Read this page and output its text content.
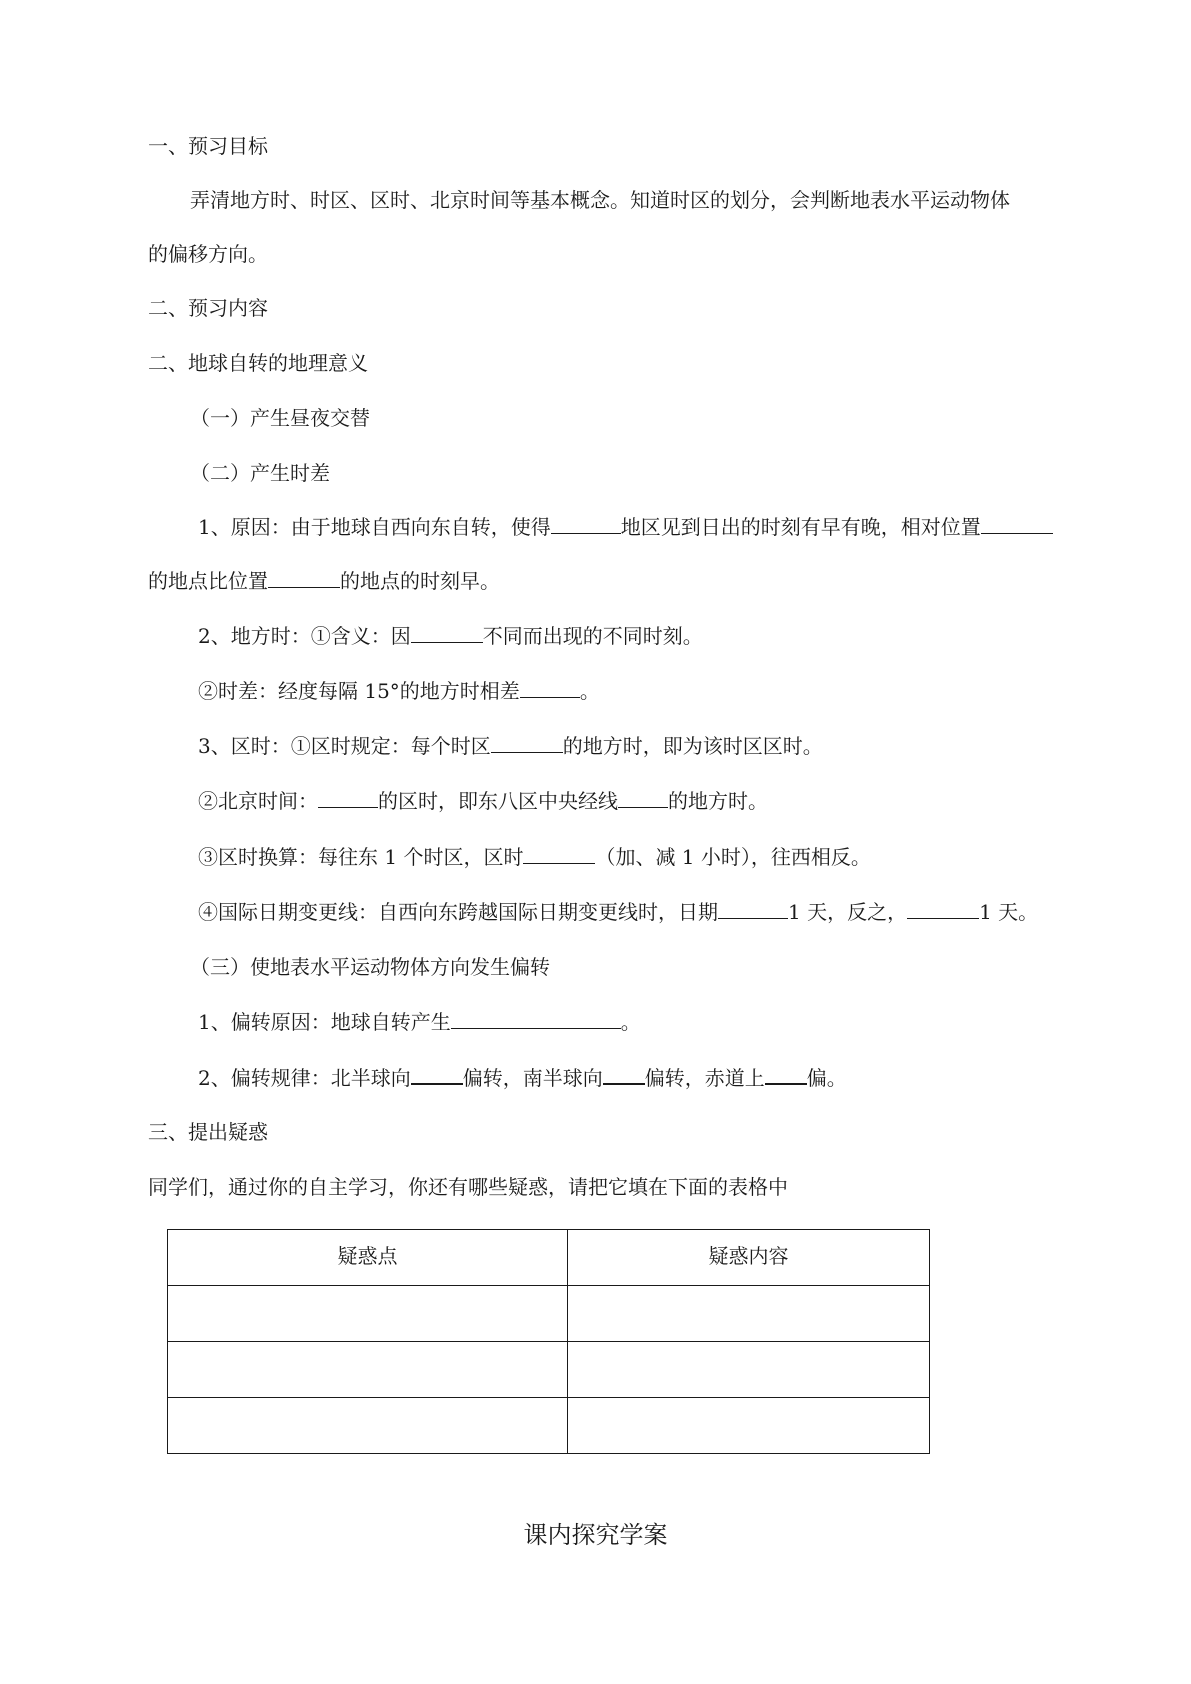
一、预习目标
弄清地方时、时区、区时、北京时间等基本概念。知道时区的划分，会判断地表水平运动物体
的偏移方向。
二、预习内容
二、地球自转的地理意义
（一）产生昼夜交替
（二）产生时差
1、原因：由于地球自西向东自转，使得	地区见到日出的时刻有早有晚，相对位置
的地点比位置	的地点的时刻早。
2、地方时：①含义：因	不同而出现的不同时刻。
②时差：经度每隔 15°的地方时相差	。
3、区时：①区时规定：每个时区	的地方时，即为该时区区时。
②北京时间：	的区时，即东八区中央经线	的地方时。
③区时换算：每往东 1 个时区，区时	（加、减 1 小时），往西相反。
④国际日期变更线：自西向东跨越国际日期变更线时，日期	1 天，反之，	1 天。
（三）使地表水平运动物体方向发生偏转
1、偏转原因：地球自转产生	。
2、偏转规律：北半球向	偏转，南半球向 偏转，赤道上 偏。
三、提出疑惑
同学们，通过你的自主学习，你还有哪些疑惑，请把它填在下面的表格中
疑惑点	疑惑内容

课内探究学案
